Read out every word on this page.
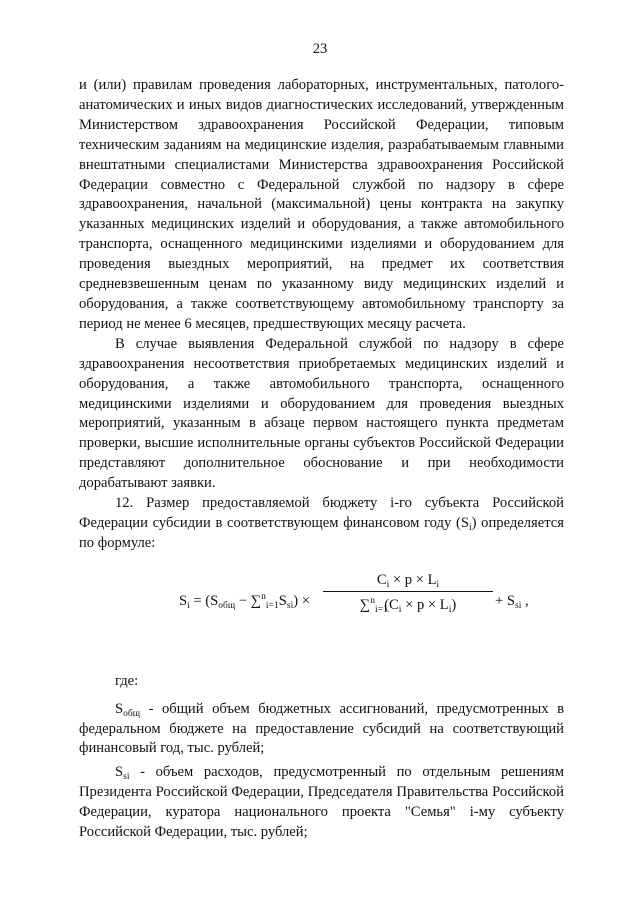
23

и (или) правилам проведения лабораторных, инструментальных, патолого-анатомических и иных видов диагностических исследований, утвержденным Министерством здравоохранения Российской Федерации, типовым техническим заданиям на медицинские изделия, разрабатываемым главными внештатными специалистами Министерства здравоохранения Российской Федерации совместно с Федеральной службой по надзору в сфере здравоохранения, начальной (максимальной) цены контракта на закупку указанных медицинских изделий и оборудования, а также автомобильного транспорта, оснащенного медицинскими изделиями и оборудованием для проведения выездных мероприятий, на предмет их соответствия средневзвешенным ценам по указанному виду медицинских изделий и оборудования, а также соответствующему автомобильному транспорту за период не менее 6 месяцев, предшествующих месяцу расчета.

В случае выявления Федеральной службой по надзору в сфере здравоохранения несоответствия приобретаемых медицинских изделий и оборудования, а также автомобильного транспорта, оснащенного медицинскими изделиями и оборудованием для проведения выездных мероприятий, указанным в абзаце первом настоящего пункта предметам проверки, высшие исполнительные органы субъектов Российской Федерации представляют дополнительное обоснование и при необходимости дорабатывают заявки.

12. Размер предоставляемой бюджету i-го субъекта Российской Федерации субсидии в соответствующем финансовом году $(S_i)$ определяется по формуле:

$S_i = (S_{общ} - \sum^n_{i=1}$ $S_{si}$) ×
$C_i \times p \times L_i$
$\sum^n_{i=1}(C_i \times p \times L_i)$	+ $S_{si}$ ,

где:

$S_{общ}$ - общий объем бюджетных ассигнований, предусмотренных в федеральном бюджете на предоставление субсидий на соответствующий финансовый год, тыс. рублей;

$S_{si}$ - объем расходов, предусмотренный по отдельным решениям Президента Российской Федерации, Председателя Правительства Российской Федерации, куратора национального проекта "Семья" i-му субъекту Российской Федерации, тыс. рублей;
